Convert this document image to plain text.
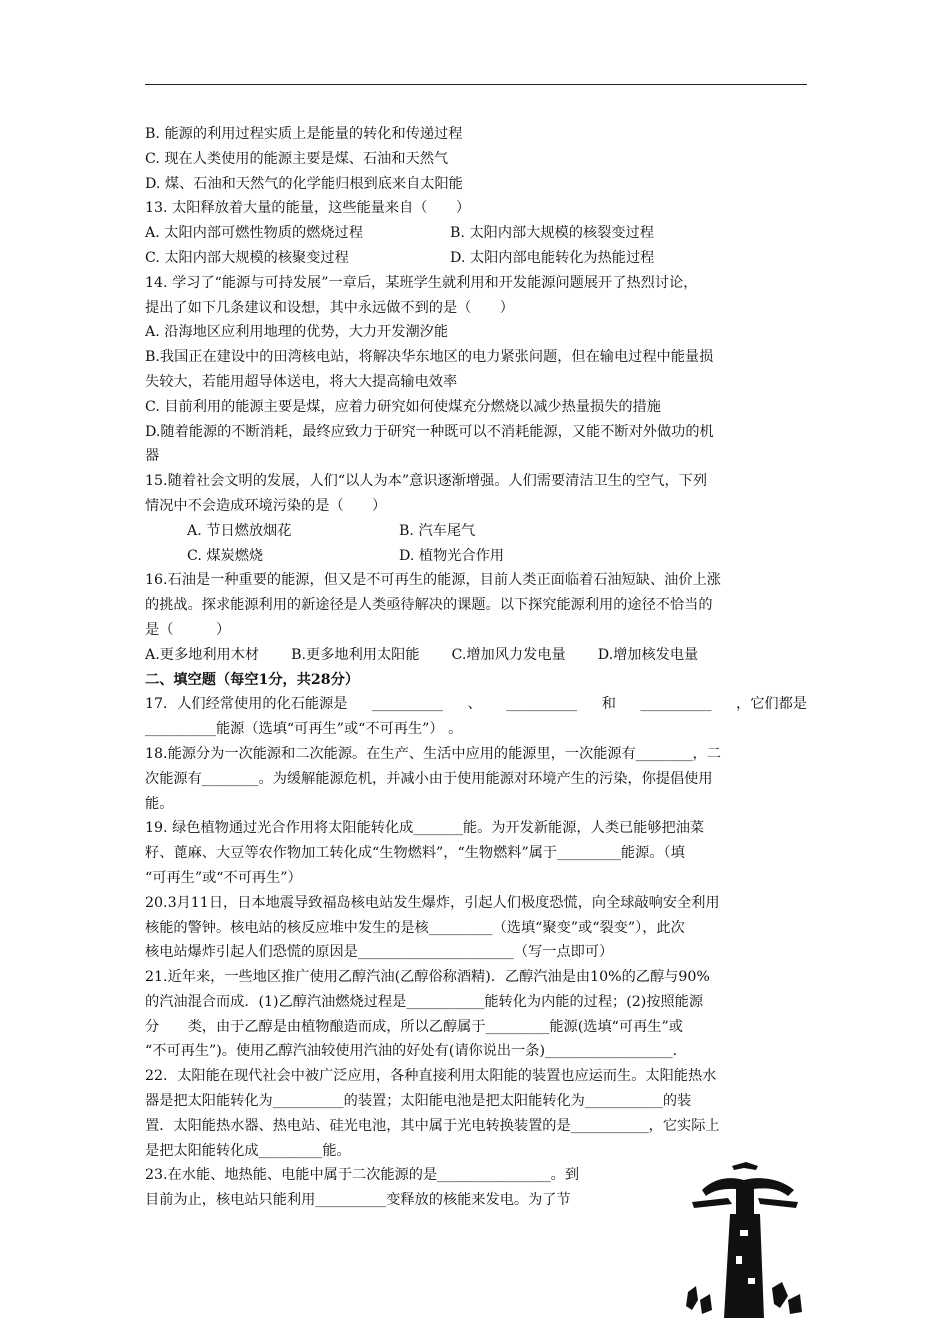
B. 能源的利用过程实质上是能量的转化和传递过程
C. 现在人类使用的能源主要是煤、石油和天然气
D. 煤、石油和天然气的化学能归根到底来自太阳能
13. 太阳释放着大量的能量，这些能量来自（　　）
A. 太阳内部可燃性物质的燃烧过程	B. 太阳内部大规模的核裂变过程
C. 太阳内部大规模的核聚变过程	D. 太阳内部电能转化为热能过程
14. 学习了“能源与可持发展”一章后，某班学生就利用和开发能源问题展开了热烈讨论，
提出了如下几条建议和设想，其中永远做不到的是（　　）
A. 沿海地区应利用地理的优势，大力开发潮汐能
B.我国正在建设中的田湾核电站，将解决华东地区的电力紧张问题，但在输电过程中能量损
失较大，若能用超导体送电，将大大提高输电效率
C. 目前利用的能源主要是煤，应着力研究如何使煤充分燃烧以减少热量损失的措施
D.随着能源的不断消耗，最终应致力于研究一种既可以不消耗能源，又能不断对外做功的机
器
15.随着社会文明的发展，人们“以人为本”意识逐渐增强。人们需要清洁卫生的空气，下列
情况中不会造成环境污染的是（　　）
A. 节日燃放烟花	B. 汽车尾气
C. 煤炭燃烧	D. 植物光合作用
16.石油是一种重要的能源，但又是不可再生的能源，目前人类正面临着石油短缺、油价上涨
的挑战。探求能源利用的新途径是人类亟待解决的课题。以下探究能源利用的途径不恰当的
是（　　　）
A.更多地利用木材 B.更多地利用太阳能 C.增加风力发电量 D.增加核发电量
二、填空题（每空1分，共28分）
17．人们经常使用的化石能源是 __________ 、 __________ 和 __________ ，它们都是
__________能源（选填“可再生”或“不可再生”） 。
18.能源分为一次能源和二次能源。在生产、生活中应用的能源里，一次能源有________，二
次能源有________。为缓解能源危机，并减小由于使用能源对环境产生的污染，你提倡使用
能。
19. 绿色植物通过光合作用将太阳能转化成_______能。为开发新能源，人类已能够把油菜
籽、蓖麻、大豆等农作物加工转化成“生物燃料”，“生物燃料”属于_________能源。（填
“可再生”或“不可再生”）
20.3月11日，日本地震导致福岛核电站发生爆炸，引起人们极度恐慌，向全球敲响安全利用
核能的警钟。核电站的核反应堆中发生的是核_________（选填“聚变”或“裂变”），此次
核电站爆炸引起人们恐慌的原因是______________________（写一点即可）
21.近年来，一些地区推广使用乙醇汽油(乙醇俗称酒精)．乙醇汽油是由10%的乙醇与90%
的汽油混合而成．(1)乙醇汽油燃烧过程是___________能转化为内能的过程；(2)按照能源
分　　类，由于乙醇是由植物酿造而成，所以乙醇属于_________能源(选填“可再生”或
“不可再生”)。使用乙醇汽油较使用汽油的好处有(请你说出一条)__________________.
22．太阳能在现代社会中被广泛应用，各种直接利用太阳能的装置也应运而生。太阳能热水
器是把太阳能转化为__________的装置；太阳能电池是把太阳能转化为___________的装
置．太阳能热水器、热电站、硅光电池，其中属于光电转换装置的是___________，它实际上
是把太阳能转化成_________能。
23.在水能、地热能、电能中属于二次能源的是________________。到
目前为止，核电站只能利用__________变释放的核能来发电。为了节
